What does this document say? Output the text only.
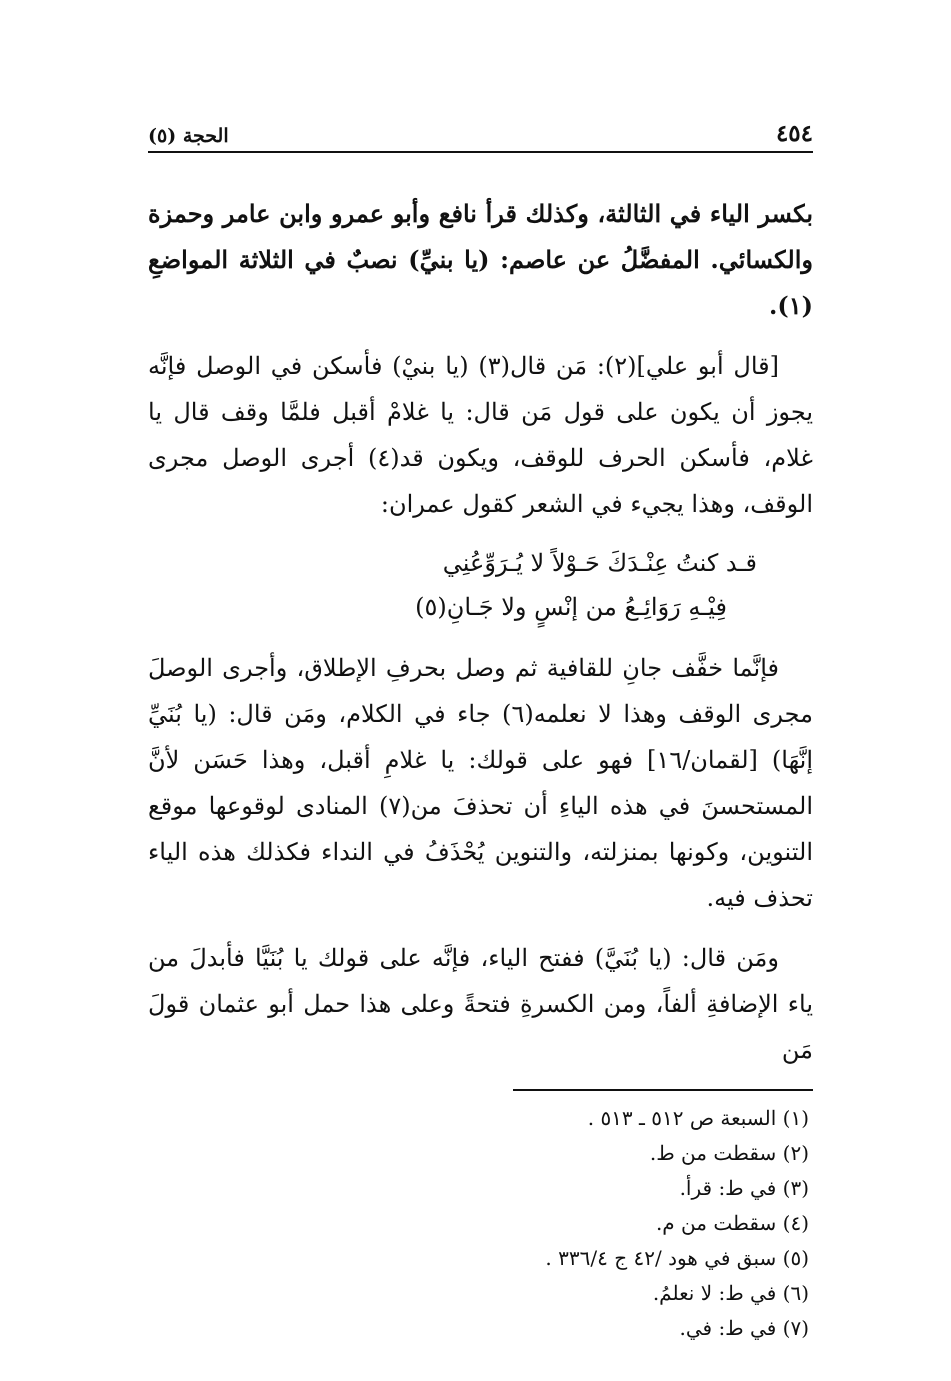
٤٥٤
الحجة (٥)

بكسر الياء في الثالثة، وكذلك قرأ نافع وأبو عمرو وابن عامر وحمزة والكسائي. المفضَّلُ عن عاصم: (يا بنيِّ) نصبٌ في الثلاثة المواضعِ (١).

[قال أبو علي](٢): مَن قال(٣) (يا بنيْ) فأسكن في الوصل فإنَّه يجوز أن يكون على قول مَن قال: يا غلامْ أقبل فلمَّا وقف قال يا غلام، فأسكن الحرف للوقف، ويكون قد(٤) أجرى الوصل مجرى الوقف، وهذا يجيء في الشعر كقول عمران:

قـد كنتُ عِنْـدَكَ حَـوْلاً لا يُـرَوِّعُنِي
فِيْـهِ رَوَائِـعُ من إنْسٍ ولا جَـانِ(٥)

فإنَّما خفَّف جانِ للقافية ثم وصل بحرفِ الإطلاق، وأجرى الوصلَ مجرى الوقف وهذا لا نعلمه(٦) جاء في الكلام، ومَن قال: (يا بُنَيِّ إنَّهَا) [لقمان/١٦] فهو على قولك: يا غلامِ أقبل، وهذا حَسَن لأنَّ المستحسنَ في هذه الياءِ أن تحذفَ من(٧) المنادى لوقوعها موقع التنوين، وكونها بمنزلته، والتنوين يُحْذَفُ في النداء فكذلك هذه الياء تحذف فيه.

ومَن قال: (يا بُنَيَّ) ففتح الياء، فإنَّه على قولك يا بُنَيَّا فأبدلَ من ياء الإضافةِ ألفاً، ومن الكسرةِ فتحةً وعلى هذا حمل أبو عثمان قولَ مَن

(١) السبعة ص ٥١٢ ـ ٥١٣ .

(٢) سقطت من ط.

(٣) في ط: قرأ.

(٤) سقطت من م.

(٥) سبق في هود /٤٢ ج ٣٣٦/٤ .

(٦) في ط: لا نعلمُ.

(٧) في ط: في.
